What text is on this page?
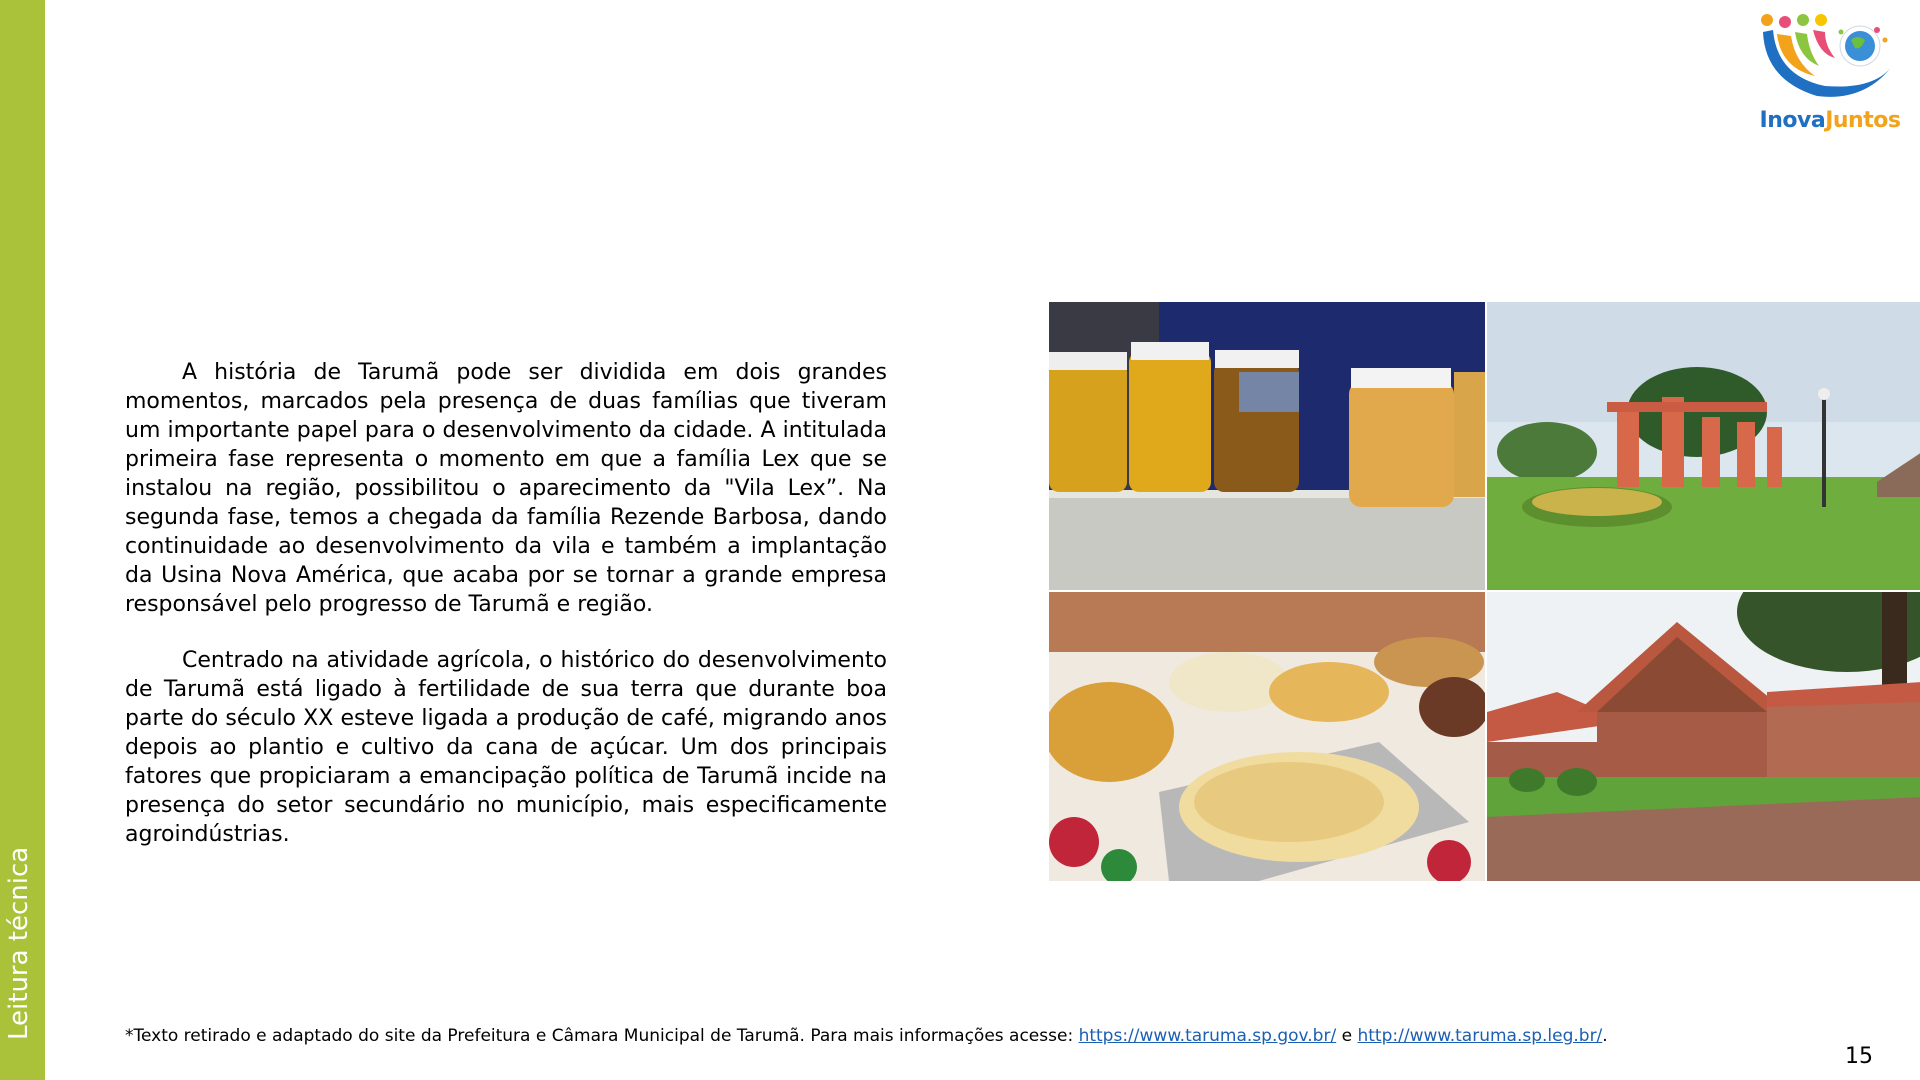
Leitura técnica
InovaJuntos

A história de Tarumã pode ser dividida em dois grandes momentos, marcados pela presença de duas famílias que tiveram um importante papel para o desenvolvimento da cidade. A intitulada primeira fase representa o momento em que a família Lex que se instalou na região, possibilitou o aparecimento da "Vila Lex”. Na segunda fase, temos a chegada da família Rezende Barbosa, dando continuidade ao desenvolvimento da vila e também a implantação da Usina Nova América, que acaba por se tornar a grande empresa responsável pelo progresso de Tarumã e região.

Centrado na atividade agrícola, o histórico do desenvolvimento de Tarumã está ligado à fertilidade de sua terra que durante boa parte do século XX esteve ligada a produção de café, migrando anos depois ao plantio e cultivo da cana de açúcar. Um dos principais fatores que propiciaram a emancipação política de Tarumã incide na presença do setor secundário no município, mais especificamente agroindústrias.

*Texto retirado e adaptado do site da Prefeitura e Câmara Municipal de Tarumã. Para mais informações acesse: https://www.taruma.sp.gov.br/ e http://www.taruma.sp.leg.br/.
15
